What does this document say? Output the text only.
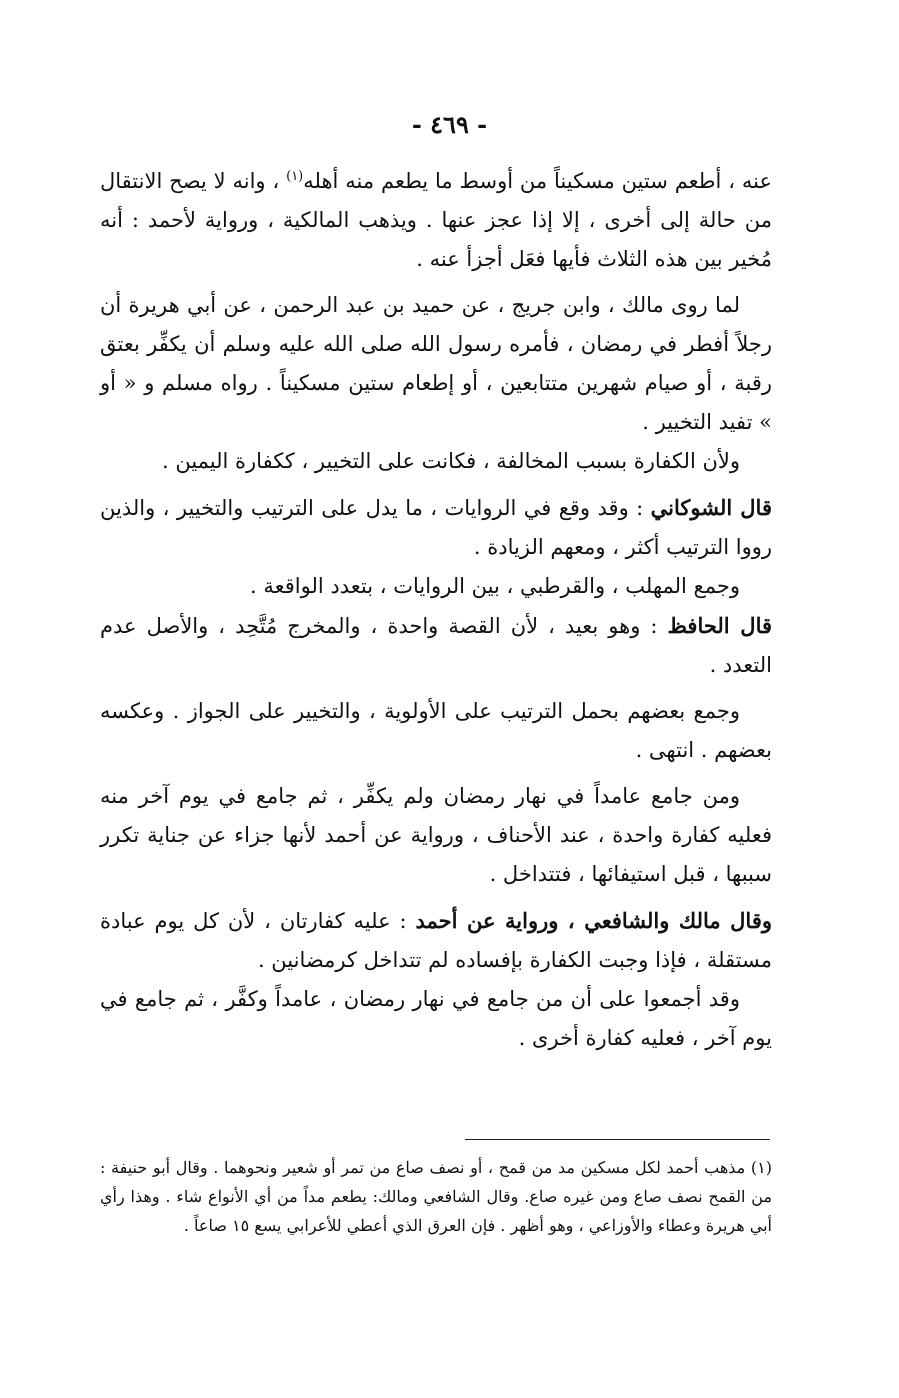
- ٤٦٩ -

عنه ، أطعم ستين مسكيناً من أوسط ما يطعم منه أهله$^{(١)}$ ، وانه لا يصح الانتقال من حالة إلى أخرى ، إلا إذا عجز عنها . ويذهب المالكية ، ورواية لأحمد : أنه مُخير بين هذه الثلاث فأيها فعَل أجزأ عنه .

لما روى مالك ، وابن جريج ، عن حميد بن عبد الرحمن ، عن أبي هريرة أن رجلاً أفطر في رمضان ، فأمره رسول الله صلى الله عليه وسلم أن يكفِّر بعتق رقبة ، أو صيام شهرين متتابعين ، أو إطعام ستين مسكيناً . رواه مسلم و « أو » تفيد التخيير .

ولأن الكفارة بسبب المخالفة ، فكانت على التخيير ، ككفارة اليمين .

قال الشوكاني : وقد وقع في الروايات ، ما يدل على الترتيب والتخيير ، والذين رووا الترتيب أكثر ، ومعهم الزيادة .

وجمع المهلب ، والقرطبي ، بين الروايات ، بتعدد الواقعة .

قال الحافظ : وهو بعيد ، لأن القصة واحدة ، والمخرج مُتَّحِد ، والأصل عدم التعدد .

وجمع بعضهم بحمل الترتيب على الأولوية ، والتخيير على الجواز . وعكسه بعضهم . انتهى .

ومن جامع عامداً في نهار رمضان ولم يكفِّر ، ثم جامع في يوم آخر منه فعليه كفارة واحدة ، عند الأحناف ، ورواية عن أحمد لأنها جزاء عن جناية تكرر سببها ، قبل استيفائها ، فتتداخل .

وقال مالك والشافعي ، ورواية عن أحمد : عليه كفارتان ، لأن كل يوم عبادة مستقلة ، فإذا وجبت الكفارة بإفساده لم تتداخل كرمضانين .

وقد أجمعوا على أن من جامع في نهار رمضان ، عامداً وكفَّر ، ثم جامع في يوم آخر ، فعليه كفارة أخرى .

(١) مذهب أحمد لكل مسكين مد من قمح ، أو نصف صاع من تمر أو شعير ونحوهما . وقال أبو حنيفة : من القمح نصف صاع ومن غيره صاع. وقال الشافعي ومالك: يطعم مداً من أي الأنواع شاء . وهذا رأي أبي هريرة وعطاء والأوزاعي ، وهو أظهر . فإن العرق الذي أعطي للأعرابي يسع ١٥ صاعاً .
